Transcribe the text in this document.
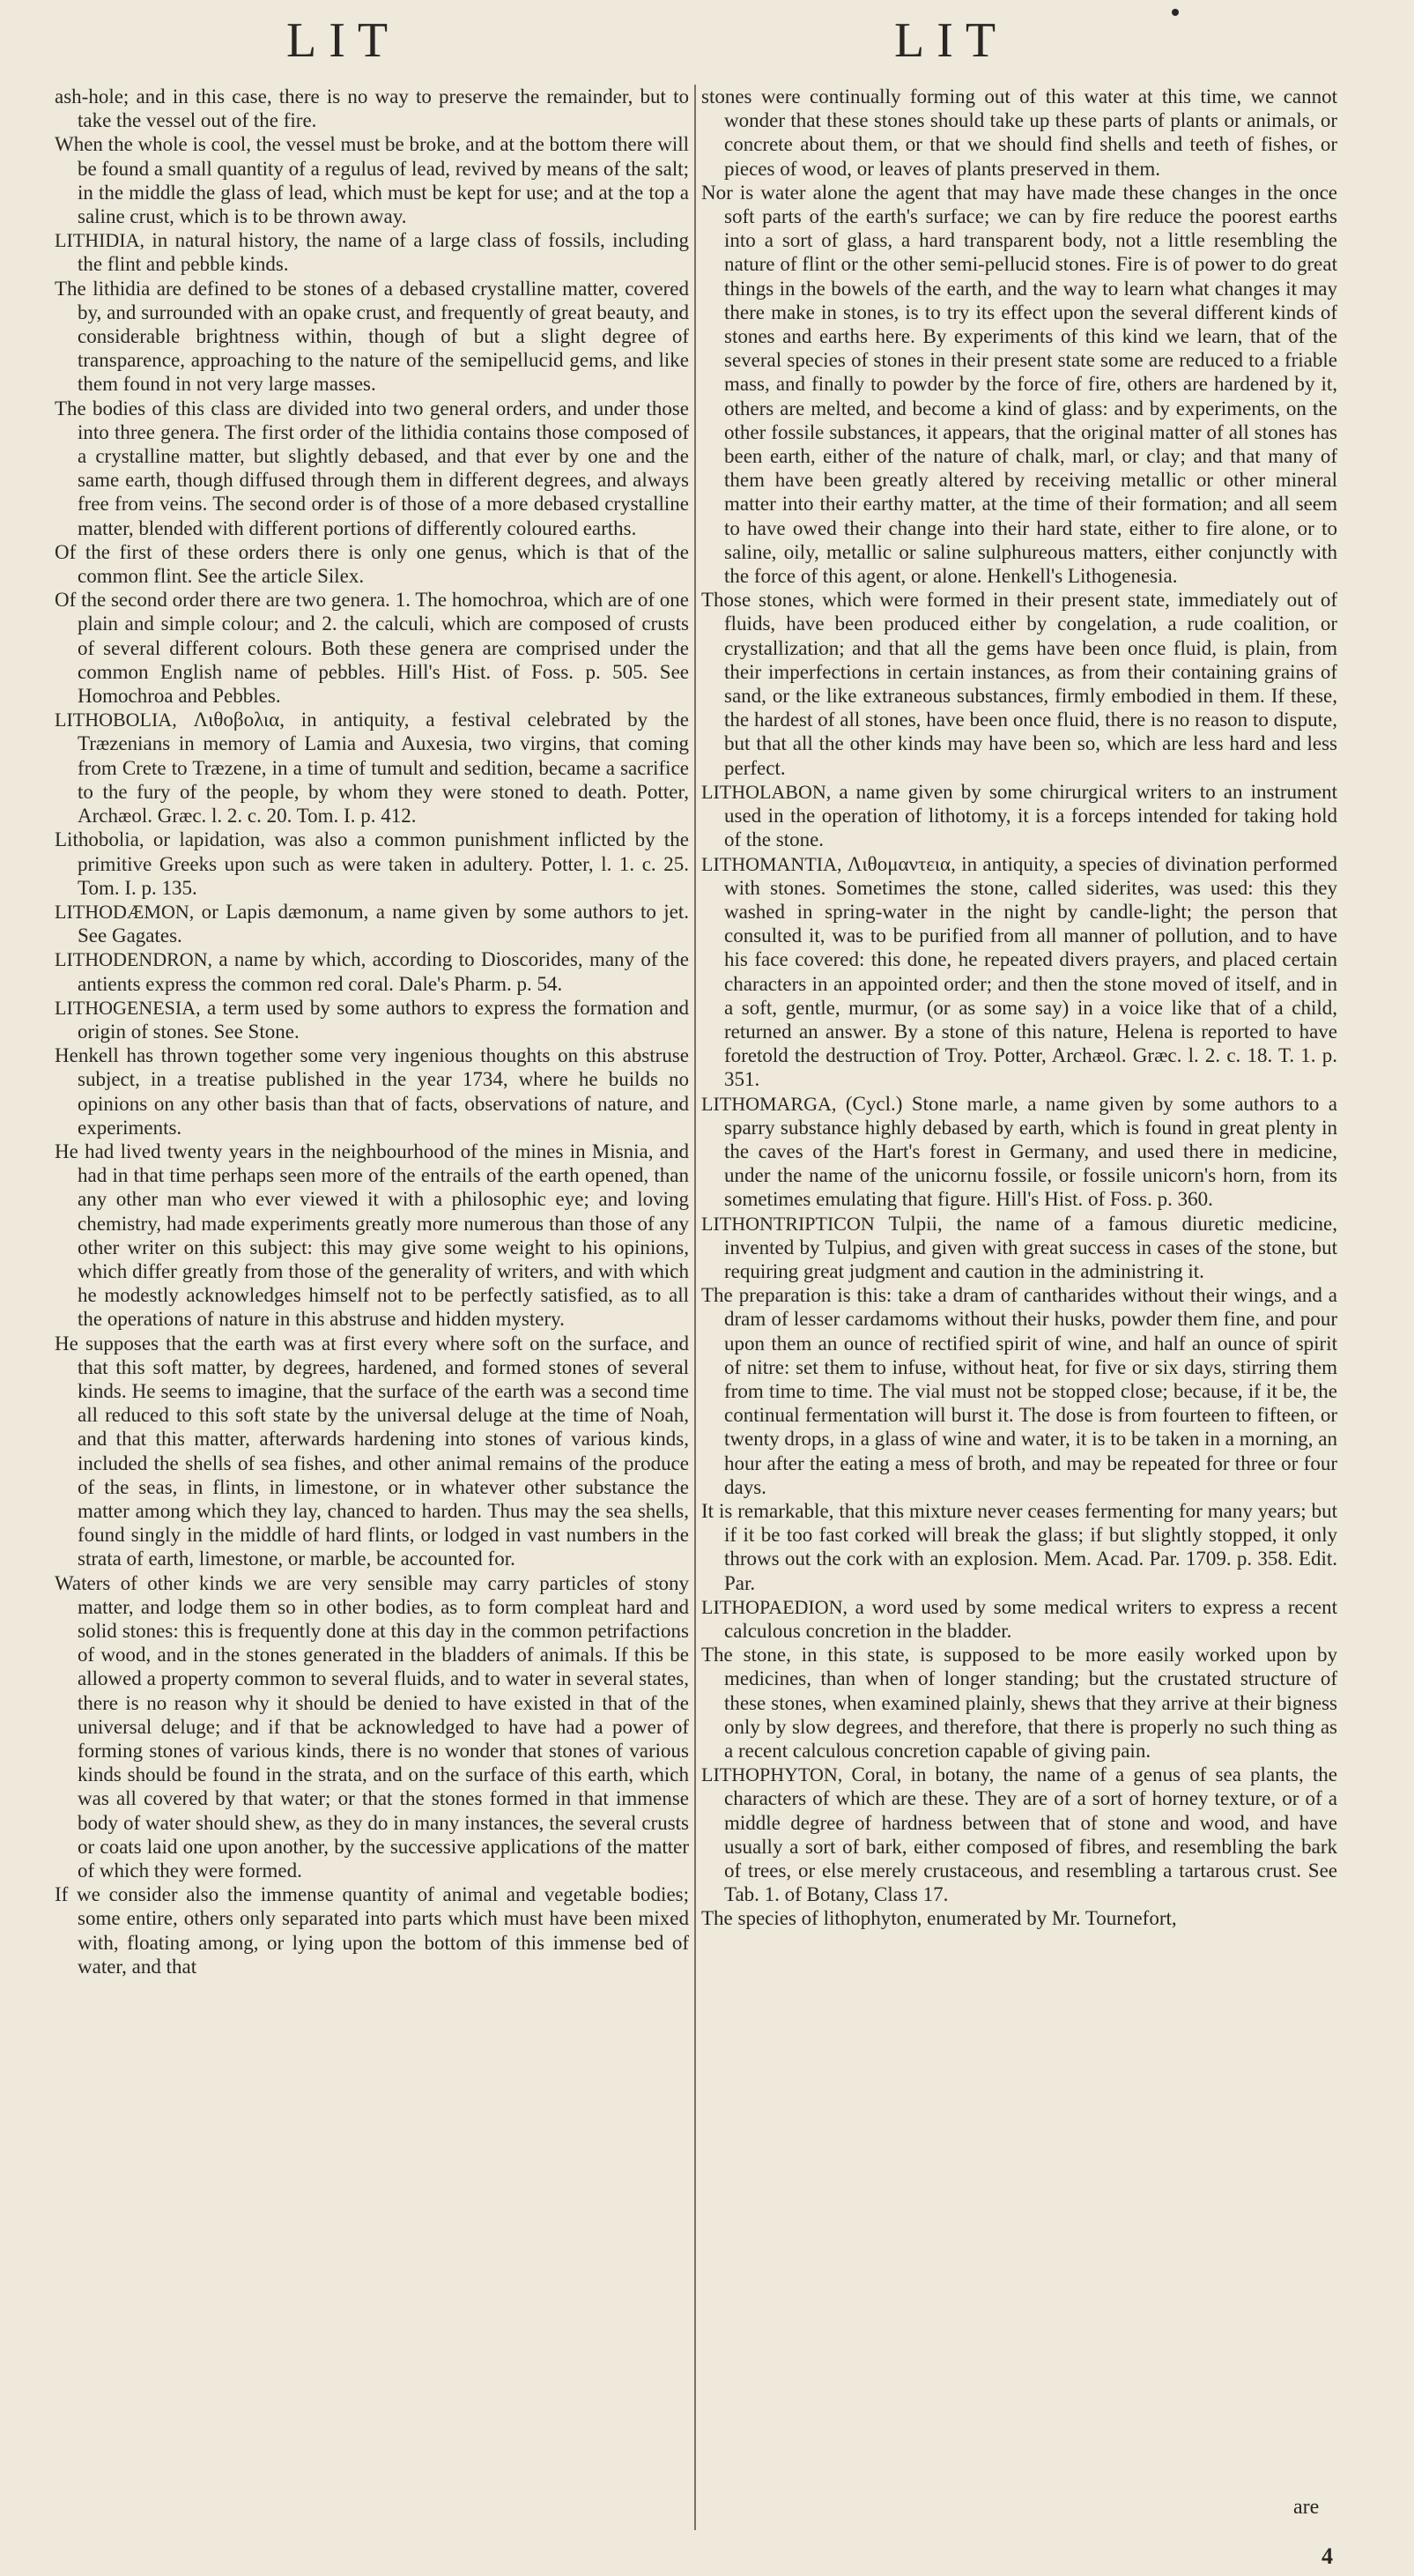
LIT	LIT

ash-hole; and in this case, there is no way to preserve the remainder, but to take the vessel out of the fire.

When the whole is cool, the vessel must be broke, and at the bottom there will be found a small quantity of a regulus of lead, revived by means of the salt; in the middle the glass of lead, which must be kept for use; and at the top a saline crust, which is to be thrown away.

LITHIDIA, in natural history, the name of a large class of fossils, including the flint and pebble kinds.

The lithidia are defined to be stones of a debased crystalline matter, covered by, and surrounded with an opake crust, and frequently of great beauty, and considerable brightness within, though of but a slight degree of transparence, approaching to the nature of the semipellucid gems, and like them found in not very large masses.

The bodies of this class are divided into two general orders, and under those into three genera. The first order of the lithidia contains those composed of a crystalline matter, but slightly debased, and that ever by one and the same earth, though diffused through them in different degrees, and always free from veins. The second order is of those of a more debased crystalline matter, blended with different portions of differently coloured earths.

Of the first of these orders there is only one genus, which is that of the common flint. See the article Silex.

Of the second order there are two genera. 1. The homochroa, which are of one plain and simple colour; and 2. the calculi, which are composed of crusts of several different colours. Both these genera are comprised under the common English name of pebbles. Hill's Hist. of Foss. p. 505. See Homochroa and Pebbles.

LITHOBOLIA, Λιθοβολια, in antiquity, a festival celebrated by the Træzenians in memory of Lamia and Auxesia, two virgins, that coming from Crete to Træzene, in a time of tumult and sedition, became a sacrifice to the fury of the people, by whom they were stoned to death. Potter, Archæol. Græc. l. 2. c. 20. Tom. I. p. 412.

Lithobolia, or lapidation, was also a common punishment inflicted by the primitive Greeks upon such as were taken in adultery. Potter, l. 1. c. 25. Tom. I. p. 135.

LITHODÆMON, or Lapis dæmonum, a name given by some authors to jet. See Gagates.

LITHODENDRON, a name by which, according to Dioscorides, many of the antients express the common red coral. Dale's Pharm. p. 54.

LITHOGENESIA, a term used by some authors to express the formation and origin of stones. See Stone.

Henkell has thrown together some very ingenious thoughts on this abstruse subject, in a treatise published in the year 1734, where he builds no opinions on any other basis than that of facts, observations of nature, and experiments.

He had lived twenty years in the neighbourhood of the mines in Misnia, and had in that time perhaps seen more of the entrails of the earth opened, than any other man who ever viewed it with a philosophic eye; and loving chemistry, had made experiments greatly more numerous than those of any other writer on this subject: this may give some weight to his opinions, which differ greatly from those of the generality of writers, and with which he modestly acknowledges himself not to be perfectly satisfied, as to all the operations of nature in this abstruse and hidden mystery.

He supposes that the earth was at first every where soft on the surface, and that this soft matter, by degrees, hardened, and formed stones of several kinds. He seems to imagine, that the surface of the earth was a second time all reduced to this soft state by the universal deluge at the time of Noah, and that this matter, afterwards hardening into stones of various kinds, included the shells of sea fishes, and other animal remains of the produce of the seas, in flints, in limestone, or in whatever other substance the matter among which they lay, chanced to harden. Thus may the sea shells, found singly in the middle of hard flints, or lodged in vast numbers in the strata of earth, limestone, or marble, be accounted for.

Waters of other kinds we are very sensible may carry particles of stony matter, and lodge them so in other bodies, as to form compleat hard and solid stones: this is frequently done at this day in the common petrifactions of wood, and in the stones generated in the bladders of animals. If this be allowed a property common to several fluids, and to water in several states, there is no reason why it should be denied to have existed in that of the universal deluge; and if that be acknowledged to have had a power of forming stones of various kinds, there is no wonder that stones of various kinds should be found in the strata, and on the surface of this earth, which was all covered by that water; or that the stones formed in that immense body of water should shew, as they do in many instances, the several crusts or coats laid one upon another, by the successive applications of the matter of which they were formed.

If we consider also the immense quantity of animal and vegetable bodies; some entire, others only separated into parts which must have been mixed with, floating among, or lying upon the bottom of this immense bed of water, and that

stones were continually forming out of this water at this time, we cannot wonder that these stones should take up these parts of plants or animals, or concrete about them, or that we should find shells and teeth of fishes, or pieces of wood, or leaves of plants preserved in them.

Nor is water alone the agent that may have made these changes in the once soft parts of the earth's surface; we can by fire reduce the poorest earths into a sort of glass, a hard transparent body, not a little resembling the nature of flint or the other semi-pellucid stones. Fire is of power to do great things in the bowels of the earth, and the way to learn what changes it may there make in stones, is to try its effect upon the several different kinds of stones and earths here. By experiments of this kind we learn, that of the several species of stones in their present state some are reduced to a friable mass, and finally to powder by the force of fire, others are hardened by it, others are melted, and become a kind of glass: and by experiments, on the other fossile substances, it appears, that the original matter of all stones has been earth, either of the nature of chalk, marl, or clay; and that many of them have been greatly altered by receiving metallic or other mineral matter into their earthy matter, at the time of their formation; and all seem to have owed their change into their hard state, either to fire alone, or to saline, oily, metallic or saline sulphureous matters, either conjunctly with the force of this agent, or alone. Henkell's Lithogenesia.

Those stones, which were formed in their present state, immediately out of fluids, have been produced either by congelation, a rude coalition, or crystallization; and that all the gems have been once fluid, is plain, from their imperfections in certain instances, as from their containing grains of sand, or the like extraneous substances, firmly embodied in them. If these, the hardest of all stones, have been once fluid, there is no reason to dispute, but that all the other kinds may have been so, which are less hard and less perfect.

LITHOLABON, a name given by some chirurgical writers to an instrument used in the operation of lithotomy, it is a forceps intended for taking hold of the stone.

LITHOMANTIA, Λιθομαντεια, in antiquity, a species of divination performed with stones. Sometimes the stone, called siderites, was used: this they washed in spring-water in the night by candle-light; the person that consulted it, was to be purified from all manner of pollution, and to have his face covered: this done, he repeated divers prayers, and placed certain characters in an appointed order; and then the stone moved of itself, and in a soft, gentle, murmur, (or as some say) in a voice like that of a child, returned an answer. By a stone of this nature, Helena is reported to have foretold the destruction of Troy. Potter, Archæol. Græc. l. 2. c. 18. T. 1. p. 351.

LITHOMARGA, (Cycl.) Stone marle, a name given by some authors to a sparry substance highly debased by earth, which is found in great plenty in the caves of the Hart's forest in Germany, and used there in medicine, under the name of the unicornu fossile, or fossile unicorn's horn, from its sometimes emulating that figure. Hill's Hist. of Foss. p. 360.

LITHONTRIPTICON Tulpii, the name of a famous diuretic medicine, invented by Tulpius, and given with great success in cases of the stone, but requiring great judgment and caution in the administring it.

The preparation is this: take a dram of cantharides without their wings, and a dram of lesser cardamoms without their husks, powder them fine, and pour upon them an ounce of rectified spirit of wine, and half an ounce of spirit of nitre: set them to infuse, without heat, for five or six days, stirring them from time to time. The vial must not be stopped close; because, if it be, the continual fermentation will burst it. The dose is from fourteen to fifteen, or twenty drops, in a glass of wine and water, it is to be taken in a morning, an hour after the eating a mess of broth, and may be repeated for three or four days.

It is remarkable, that this mixture never ceases fermenting for many years; but if it be too fast corked will break the glass; if but slightly stopped, it only throws out the cork with an explosion. Mem. Acad. Par. 1709. p. 358. Edit. Par.

LITHOPAEDION, a word used by some medical writers to express a recent calculous concretion in the bladder.

The stone, in this state, is supposed to be more easily worked upon by medicines, than when of longer standing; but the crustated structure of these stones, when examined plainly, shews that they arrive at their bigness only by slow degrees, and therefore, that there is properly no such thing as a recent calculous concretion capable of giving pain.

LITHOPHYTON, Coral, in botany, the name of a genus of sea plants, the characters of which are these. They are of a sort of horney texture, or of a middle degree of hardness between that of stone and wood, and have usually a sort of bark, either composed of fibres, and resembling the bark of trees, or else merely crustaceous, and resembling a tartarous crust. See Tab. 1. of Botany, Class 17.

The species of lithophyton, enumerated by Mr. Tournefort,

are
4
